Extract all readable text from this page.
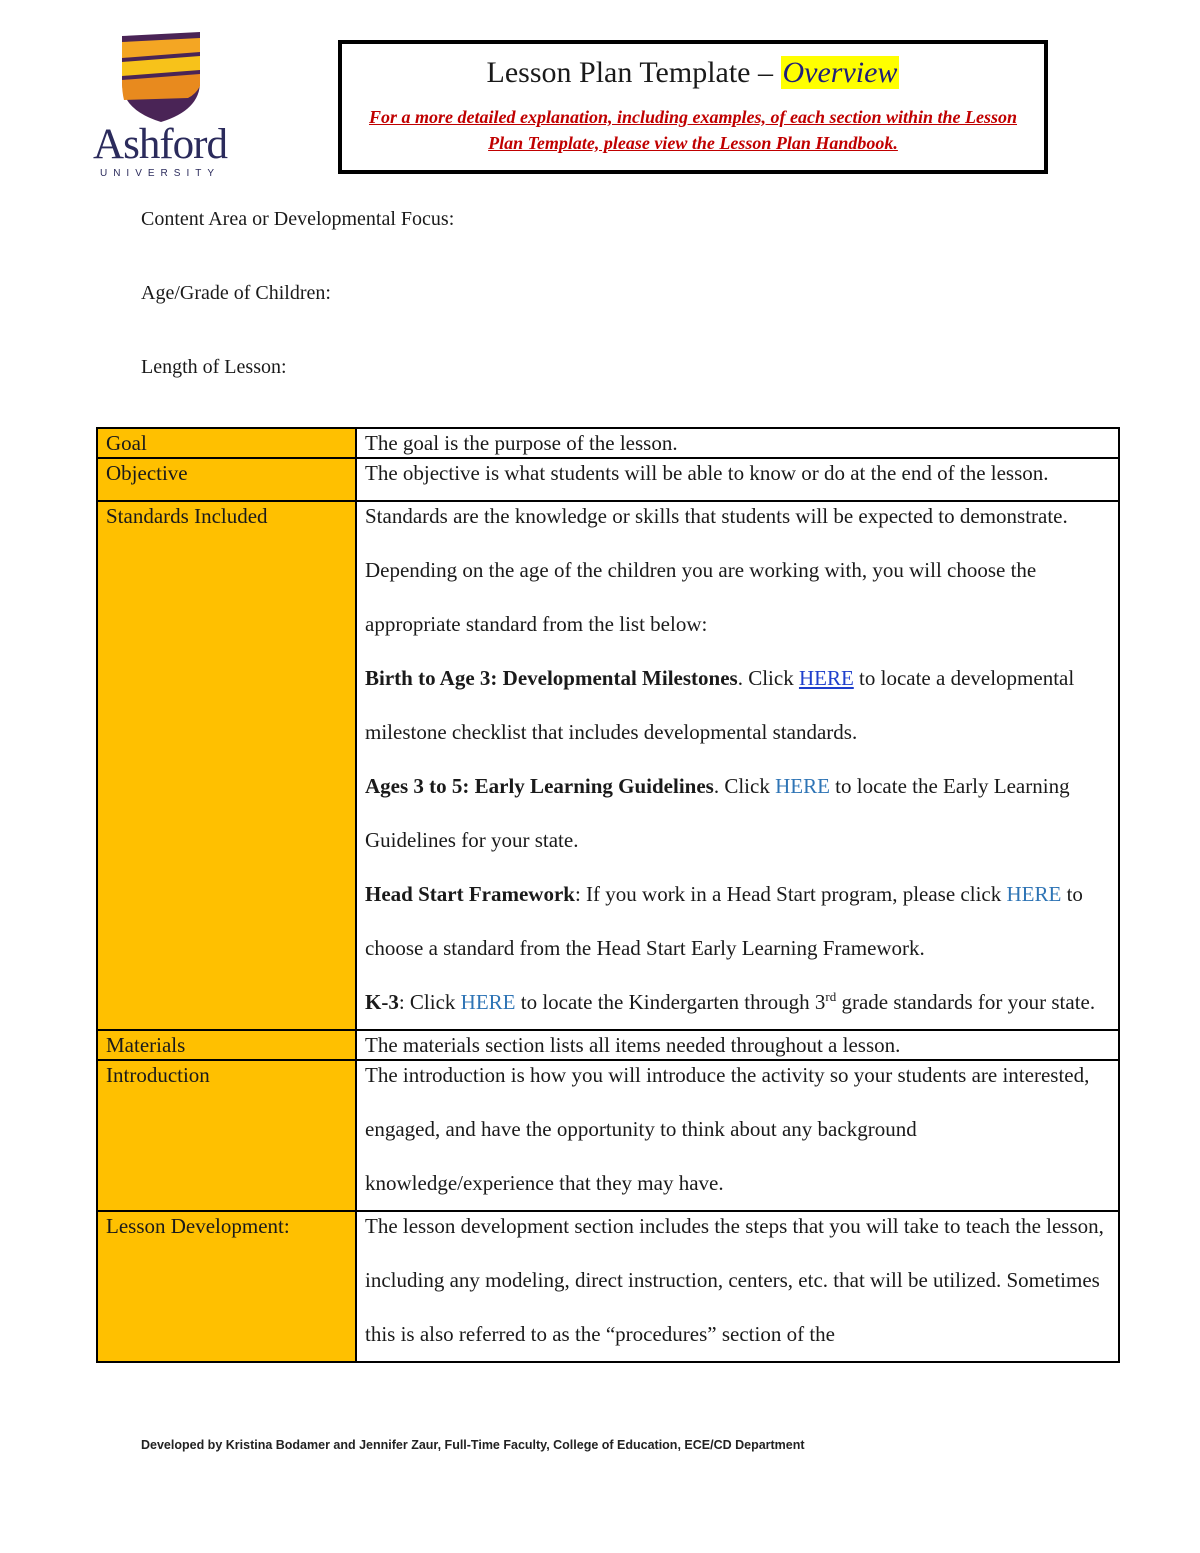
Ashford
UNIVERSITY
Lesson Plan Template – Overview
For a more detailed explanation, including examples, of each section within the Lesson Plan Template, please view the Lesson Plan Handbook.
Content Area or Developmental Focus:
Age/Grade of Children:
Length of Lesson:
Goal	The goal is the purpose of the lesson.
Objective	The objective is what students will be able to know or do at the end of the lesson.

Standards Included	Standards are the knowledge or skills that students will be expected to demonstrate. Depending on the age of the children you are working with, you will choose the appropriate standard from the list below:
Birth to Age 3: Developmental Milestones. Click HERE to locate a developmental milestone checklist that includes developmental standards.
Ages 3 to 5: Early Learning Guidelines. Click HERE to locate the Early Learning Guidelines for your state.
Head Start Framework: If you work in a Head Start program, please click HERE to choose a standard from the Head Start Early Learning Framework.
K-3: Click HERE to locate the Kindergarten through 3rd grade standards for your state.

Materials	The materials section lists all items needed throughout a lesson.
Introduction	The introduction is how you will introduce the activity so your students are interested, engaged, and have the opportunity to think about any background knowledge/experience that they may have.

Lesson Development:	The lesson development section includes the steps that you will take to teach the lesson, including any modeling, direct instruction, centers, etc. that will be utilized. Sometimes this is also referred to as the “procedures” section of the
Developed by Kristina Bodamer and Jennifer Zaur, Full-Time Faculty, College of Education, ECE/CD Department
